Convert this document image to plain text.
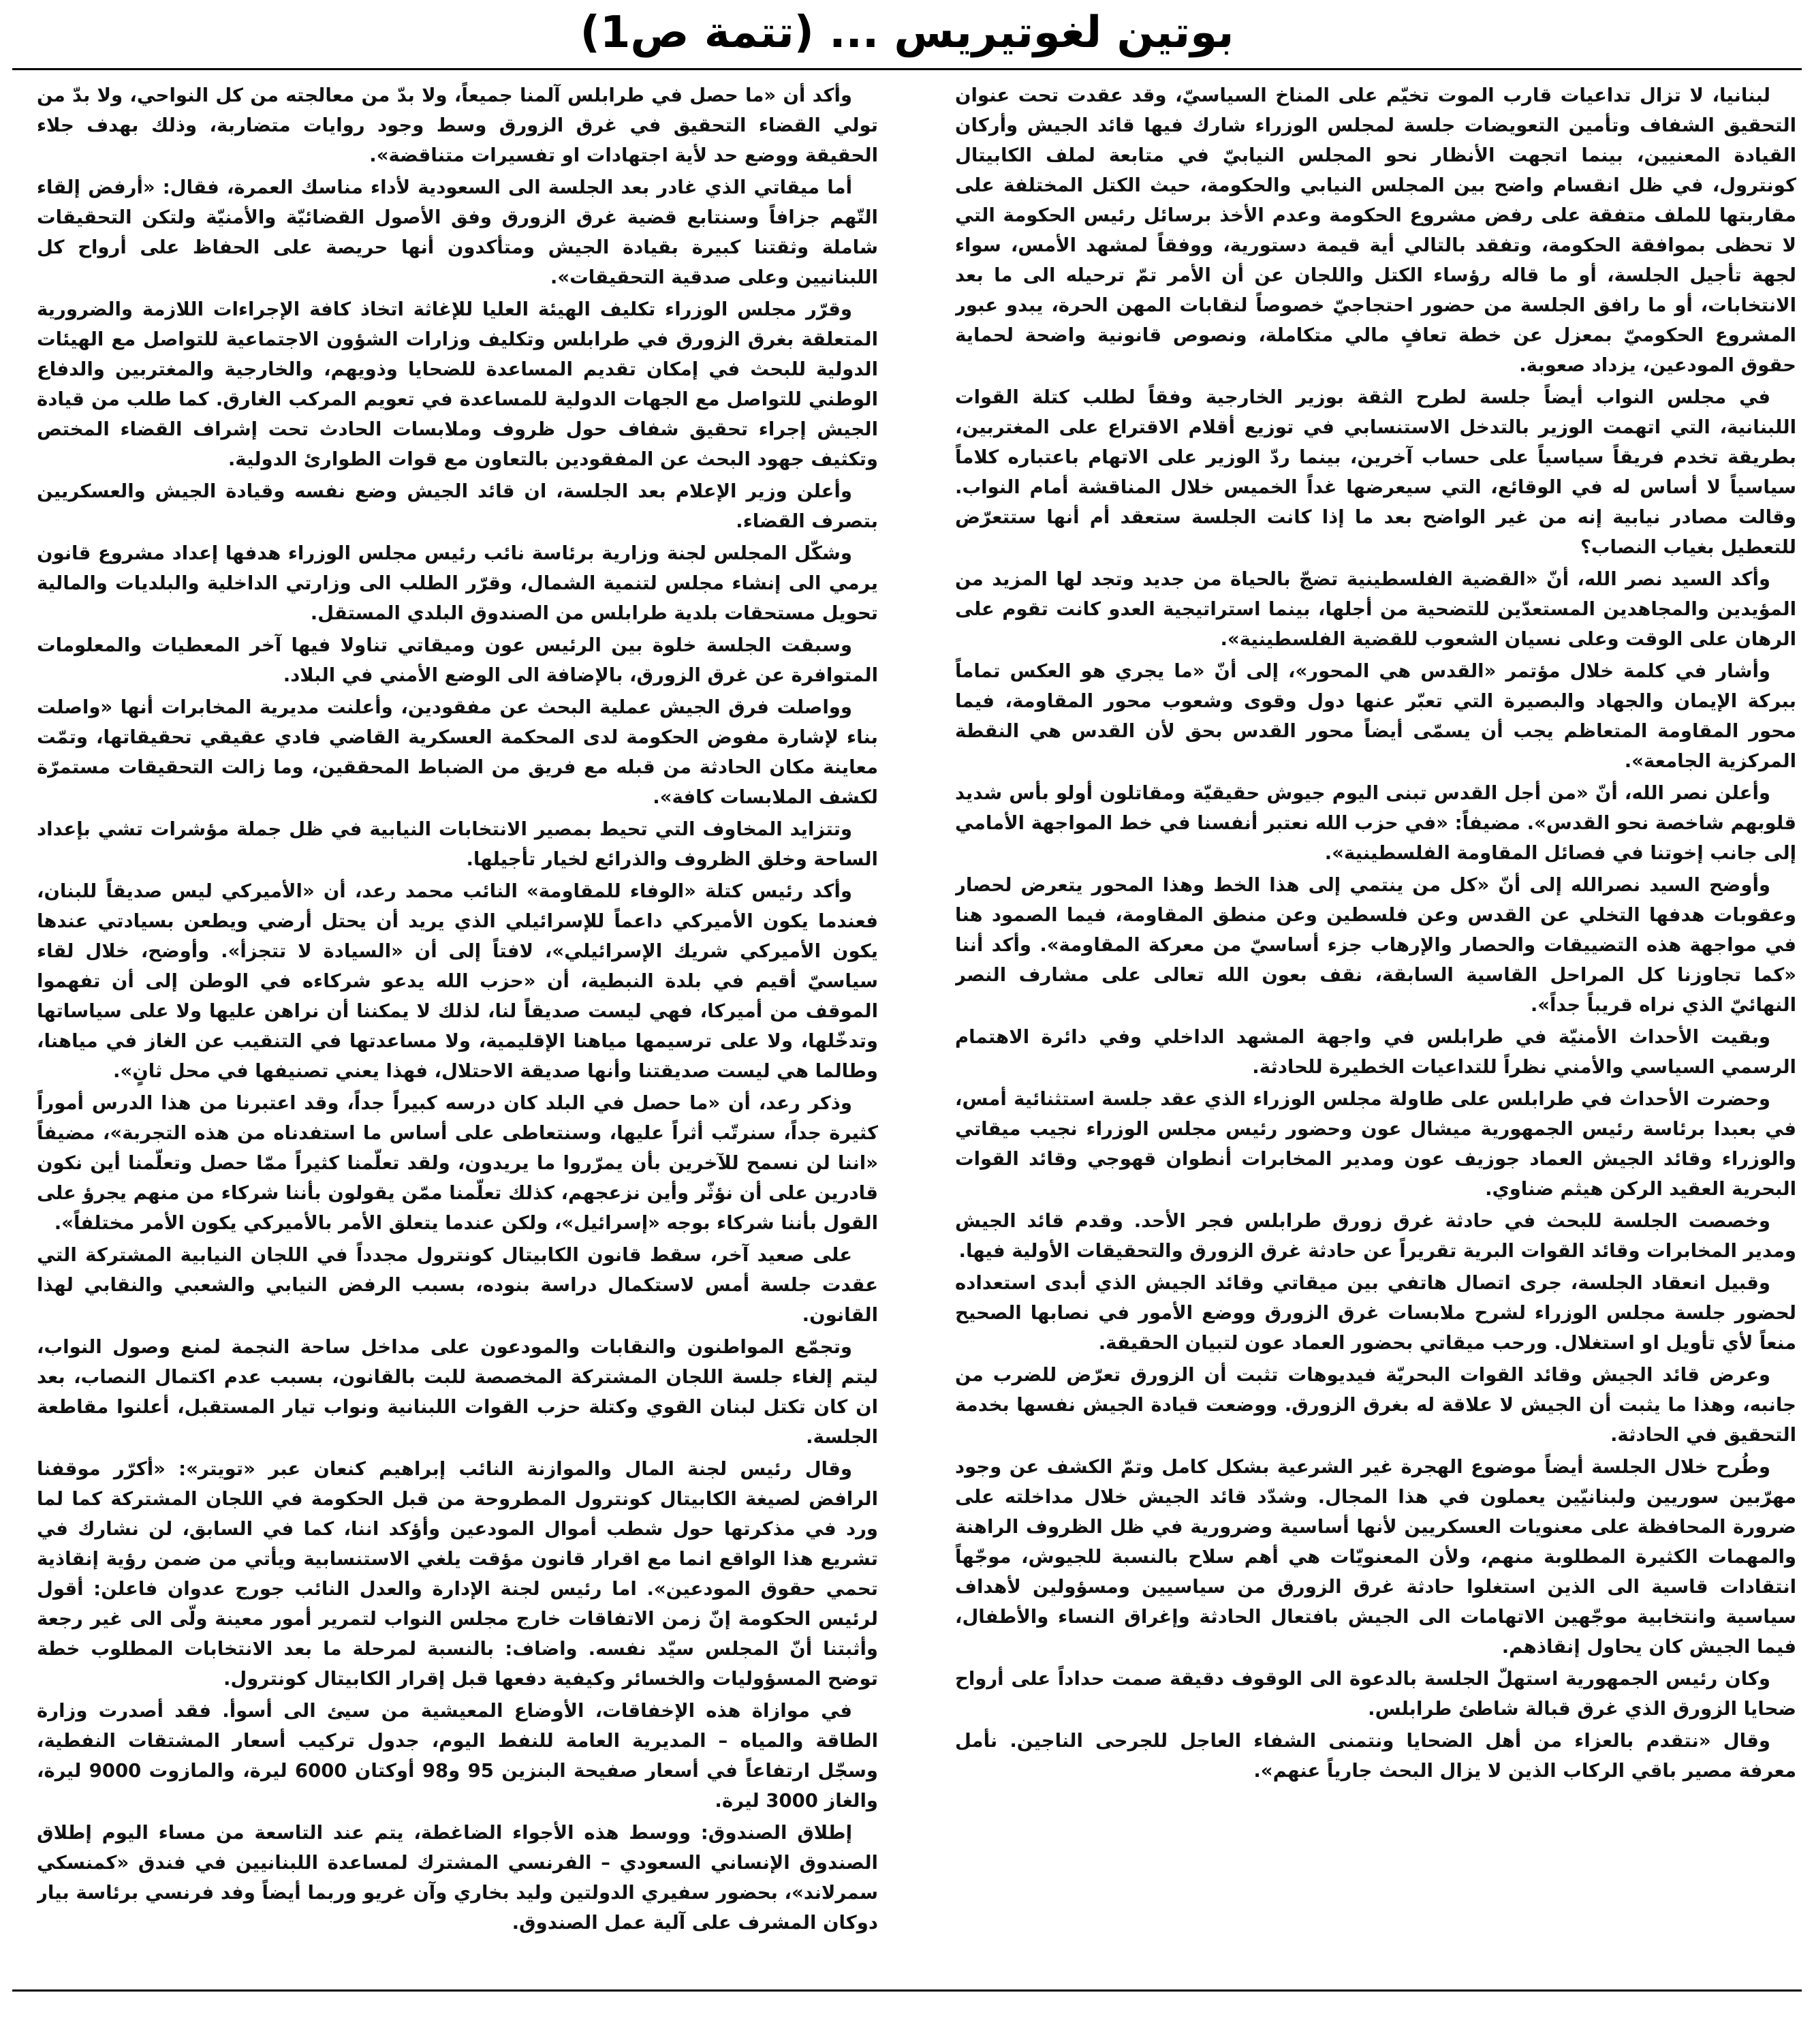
بوتين لغوتيريس ... (تتمة ص1)

لبنانيا، لا تزال تداعيات قارب الموت تخيّم على المناخ السياسيّ، وقد عقدت تحت عنوان التحقيق الشفاف وتأمين التعويضات جلسة لمجلس الوزراء شارك فيها قائد الجيش وأركان القيادة المعنيين، بينما اتجهت الأنظار نحو المجلس النيابيّ في متابعة لملف الكابيتال كونترول، في ظل انقسام واضح بين المجلس النيابي والحكومة، حيث الكتل المختلفة على مقاربتها للملف متفقة على رفض مشروع الحكومة وعدم الأخذ برسائل رئيس الحكومة التي لا تحظى بموافقة الحكومة، وتفقد بالتالي أية قيمة دستورية، ووفقاً لمشهد الأمس، سواء لجهة تأجيل الجلسة، أو ما قاله رؤساء الكتل واللجان عن أن الأمر تمّ ترحيله الى ما بعد الانتخابات، أو ما رافق الجلسة من حضور احتجاجيّ خصوصاً لنقابات المهن الحرة، يبدو عبور المشروع الحكوميّ بمعزل عن خطة تعافٍ مالي متكاملة، ونصوص قانونية واضحة لحماية حقوق المودعين، يزداد صعوبة.

في مجلس النواب أيضاً جلسة لطرح الثقة بوزير الخارجية وفقاً لطلب كتلة القوات اللبنانية، التي اتهمت الوزير بالتدخل الاستنسابي في توزيع أقلام الاقتراع على المغتربين، بطريقة تخدم فريقاً سياسياً على حساب آخرين، بينما ردّ الوزير على الاتهام باعتباره كلاماً سياسياً لا أساس له في الوقائع، التي سيعرضها غداً الخميس خلال المناقشة أمام النواب. وقالت مصادر نيابية إنه من غير الواضح بعد ما إذا كانت الجلسة ستعقد أم أنها ستتعرّض للتعطيل بغياب النصاب؟

وأكد السيد نصر الله، أنّ «القضية الفلسطينية تضجّ بالحياة من جديد وتجد لها المزيد من المؤيدين والمجاهدين المستعدّين للتضحية من أجلها، بينما استراتيجية العدو كانت تقوم على الرهان على الوقت وعلى نسيان الشعوب للقضية الفلسطينية».

وأشار في كلمة خلال مؤتمر «القدس هي المحور»، إلى أنّ «ما يجري هو العكس تماماً ببركة الإيمان والجهاد والبصيرة التي تعبّر عنها دول وقوى وشعوب محور المقاومة، فيما محور المقاومة المتعاظم يجب أن يسمّى أيضاً محور القدس بحق لأن القدس هي النقطة المركزية الجامعة».

وأعلن نصر الله، أنّ «من أجل القدس تبنى اليوم جيوش حقيقيّة ومقاتلون أولو بأس شديد قلوبهم شاخصة نحو القدس». مضيفاً: «في حزب الله نعتبر أنفسنا في خط المواجهة الأمامي إلى جانب إخوتنا في فصائل المقاومة الفلسطينية».

وأوضح السيد نصرالله إلى أنّ «كل من ينتمي إلى هذا الخط وهذا المحور يتعرض لحصار وعقوبات هدفها التخلي عن القدس وعن فلسطين وعن منطق المقاومة، فيما الصمود هنا في مواجهة هذه التضييقات والحصار والإرهاب جزء أساسيّ من معركة المقاومة». وأكد أننا «كما تجاوزنا كل المراحل القاسية السابقة، نقف بعون الله تعالى على مشارف النصر النهائيّ الذي نراه قريباً جداً».

وبقيت الأحداث الأمنيّة في طرابلس في واجهة المشهد الداخلي وفي دائرة الاهتمام الرسمي السياسي والأمني نظراً للتداعيات الخطيرة للحادثة.

وحضرت الأحداث في طرابلس على طاولة مجلس الوزراء الذي عقد جلسة استثنائية أمس، في بعبدا برئاسة رئيس الجمهورية ميشال عون وحضور رئيس مجلس الوزراء نجيب ميقاتي والوزراء وقائد الجيش العماد جوزيف عون ومدير المخابرات أنطوان قهوجي وقائد القوات البحرية العقيد الركن هيثم ضناوي.

وخصصت الجلسة للبحث في حادثة غرق زورق طرابلس فجر الأحد. وقدم قائد الجيش ومدير المخابرات وقائد القوات البرية تقريراً عن حادثة غرق الزورق والتحقيقات الأولية فيها.

وقبيل انعقاد الجلسة، جرى اتصال هاتفي بين ميقاتي وقائد الجيش الذي أبدى استعداده لحضور جلسة مجلس الوزراء لشرح ملابسات غرق الزورق ووضع الأمور في نصابها الصحيح منعاً لأي تأويل او استغلال. ورحب ميقاتي بحضور العماد عون لتبيان الحقيقة.

وعرض قائد الجيش وقائد القوات البحريّة فيديوهات تثبت أن الزورق تعرّض للضرب من جانبه، وهذا ما يثبت أن الجيش لا علاقة له بغرق الزورق. ووضعت قيادة الجيش نفسها بخدمة التحقيق في الحادثة.

وطُرح خلال الجلسة أيضاً موضوع الهجرة غير الشرعية بشكل كامل وتمّ الكشف عن وجود مهرّبين سوريين ولبنانيّين يعملون في هذا المجال. وشدّد قائد الجيش خلال مداخلته على ضرورة المحافظة على معنويات العسكريين لأنها أساسية وضرورية في ظل الظروف الراهنة والمهمات الكثيرة المطلوبة منهم، ولأن المعنويّات هي أهم سلاح بالنسبة للجيوش، موجّهاً انتقادات قاسية الى الذين استغلوا حادثة غرق الزورق من سياسيين ومسؤولين لأهداف سياسية وانتخابية موجّهين الاتهامات الى الجيش بافتعال الحادثة وإغراق النساء والأطفال، فيما الجيش كان يحاول إنقاذهم.

وكان رئيس الجمهورية استهلّ الجلسة بالدعوة الى الوقوف دقيقة صمت حداداً على أرواح ضحايا الزورق الذي غرق قبالة شاطئ طرابلس.

وقال «نتقدم بالعزاء من أهل الضحايا ونتمنى الشفاء العاجل للجرحى الناجين. نأمل معرفة مصير باقي الركاب الذين لا يزال البحث جارياً عنهم».

وأكد أن «ما حصل في طرابلس آلمنا جميعاً، ولا بدّ من معالجته من كل النواحي، ولا بدّ من تولي القضاء التحقيق في غرق الزورق وسط وجود روايات متضاربة، وذلك بهدف جلاء الحقيقة ووضع حد لأية اجتهادات او تفسيرات متناقضة».

أما ميقاتي الذي غادر بعد الجلسة الى السعودية لأداء مناسك العمرة، فقال: «أرفض إلقاء التّهم جزافاً وسنتابع قضية غرق الزورق وفق الأصول القضائيّة والأمنيّة ولتكن التحقيقات شاملة وثقتنا كبيرة بقيادة الجيش ومتأكدون أنها حريصة على الحفاظ على أرواح كل اللبنانيين وعلى صدقية التحقيقات».

وقرّر مجلس الوزراء تكليف الهيئة العليا للإغاثة اتخاذ كافة الإجراءات اللازمة والضرورية المتعلقة بغرق الزورق في طرابلس وتكليف وزارات الشؤون الاجتماعية للتواصل مع الهيئات الدولية للبحث في إمكان تقديم المساعدة للضحايا وذويهم، والخارجية والمغتربين والدفاع الوطني للتواصل مع الجهات الدولية للمساعدة في تعويم المركب الغارق. كما طلب من قيادة الجيش إجراء تحقيق شفاف حول ظروف وملابسات الحادث تحت إشراف القضاء المختص وتكثيف جهود البحث عن المفقودين بالتعاون مع قوات الطوارئ الدولية.

وأعلن وزير الإعلام بعد الجلسة، ان قائد الجيش وضع نفسه وقيادة الجيش والعسكريين بتصرف القضاء.

وشكّل المجلس لجنة وزارية برئاسة نائب رئيس مجلس الوزراء هدفها إعداد مشروع قانون يرمي الى إنشاء مجلس لتنمية الشمال، وقرّر الطلب الى وزارتي الداخلية والبلديات والمالية تحويل مستحقات بلدية طرابلس من الصندوق البلدي المستقل.

وسبقت الجلسة خلوة بين الرئيس عون وميقاتي تناولا فيها آخر المعطيات والمعلومات المتوافرة عن غرق الزورق، بالإضافة الى الوضع الأمني في البلاد.

وواصلت فرق الجيش عملية البحث عن مفقودين، وأعلنت مديرية المخابرات أنها «واصلت بناء لإشارة مفوض الحكومة لدى المحكمة العسكرية القاضي فادي عقيقي تحقيقاتها، وتمّت معاينة مكان الحادثة من قبله مع فريق من الضباط المحققين، وما زالت التحقيقات مستمرّة لكشف الملابسات كافة».

وتتزايد المخاوف التي تحيط بمصير الانتخابات النيابية في ظل جملة مؤشرات تشي بإعداد الساحة وخلق الظروف والذرائع لخيار تأجيلها.

وأكد رئيس كتلة «الوفاء للمقاومة» النائب محمد رعد، أن «الأميركي ليس صديقاً للبنان، فعندما يكون الأميركي داعماً للإسرائيلي الذي يريد أن يحتل أرضي ويطعن بسيادتي عندها يكون الأميركي شريك الإسرائيلي»، لافتاً إلى أن «السيادة لا تتجزأ». وأوضح، خلال لقاء سياسيّ أقيم في بلدة النبطية، أن «حزب الله يدعو شركاءه في الوطن إلى أن تفهموا الموقف من أميركا، فهي ليست صديقاً لنا، لذلك لا يمكننا أن نراهن عليها ولا على سياساتها وتدخّلها، ولا على ترسيمها مياهنا الإقليمية، ولا مساعدتها في التنقيب عن الغاز في مياهنا، وطالما هي ليست صديقتنا وأنها صديقة الاحتلال، فهذا يعني تصنيفها في محل ثانٍ».

وذكر رعد، أن «ما حصل في البلد كان درسه كبيراً جداً، وقد اعتبرنا من هذا الدرس أموراً كثيرة جداً، سنرتّب أثراً عليها، وسنتعاطى على أساس ما استفدناه من هذه التجربة»، مضيفاً «اننا لن نسمح للآخرين بأن يمرّروا ما يريدون، ولقد تعلّمنا كثيراً ممّا حصل وتعلّمنا أين نكون قادرين على أن نؤثّر وأين نزعجهم، كذلك تعلّمنا ممّن يقولون بأننا شركاء من منهم يجرؤ على القول بأننا شركاء بوجه «إسرائيل»، ولكن عندما يتعلق الأمر بالأميركي يكون الأمر مختلفاً».

على صعيد آخر، سقط قانون الكابيتال كونترول مجدداً في اللجان النيابية المشتركة التي عقدت جلسة أمس لاستكمال دراسة بنوده، بسبب الرفض النيابي والشعبي والنقابي لهذا القانون.

وتجمّع المواطنون والنقابات والمودعون على مداخل ساحة النجمة لمنع وصول النواب، ليتم إلغاء جلسة اللجان المشتركة المخصصة للبت بالقانون، بسبب عدم اكتمال النصاب، بعد ان كان تكتل لبنان القوي وكتلة حزب القوات اللبنانية ونواب تيار المستقبل، أعلنوا مقاطعة الجلسة.

وقال رئيس لجنة المال والموازنة النائب إبراهيم كنعان عبر «تويتر»: «أكرّر موقفنا الرافض لصيغة الكابيتال كونترول المطروحة من قبل الحكومة في اللجان المشتركة كما لما ورد في مذكرتها حول شطب أموال المودعين وأؤكد اننا، كما في السابق، لن نشارك في تشريع هذا الواقع انما مع اقرار قانون مؤقت يلغي الاستنسابية ويأتي من ضمن رؤية إنقاذية تحمي حقوق المودعين». اما رئيس لجنة الإدارة والعدل النائب جورج عدوان فاعلن: أقول لرئيس الحكومة إنّ زمن الاتفاقات خارج مجلس النواب لتمرير أمور معينة ولّى الى غير رجعة وأثبتنا أنّ المجلس سيّد نفسه. واضاف: بالنسبة لمرحلة ما بعد الانتخابات المطلوب خطة توضح المسؤوليات والخسائر وكيفية دفعها قبل إقرار الكابيتال كونترول.

في موازاة هذه الإخفاقات، الأوضاع المعيشية من سيئ الى أسوأ. فقد أصدرت وزارة الطاقة والمياه – المديرية العامة للنفط اليوم، جدول تركيب أسعار المشتقات النفطية، وسجّل ارتفاعاً في أسعار صفيحة البنزين 95 و98 أوكتان 6000 ليرة، والمازوت 9000 ليرة، والغاز 3000 ليرة.

إطلاق الصندوق: ووسط هذه الأجواء الضاغطة، يتم عند التاسعة من مساء اليوم إطلاق الصندوق الإنساني السعودي – الفرنسي المشترك لمساعدة اللبنانيين في فندق «كمنسكي سمرلاند»، بحضور سفيري الدولتين وليد بخاري وآن غريو وربما أيضاً وفد فرنسي برئاسة بيار دوكان المشرف على آلية عمل الصندوق.
